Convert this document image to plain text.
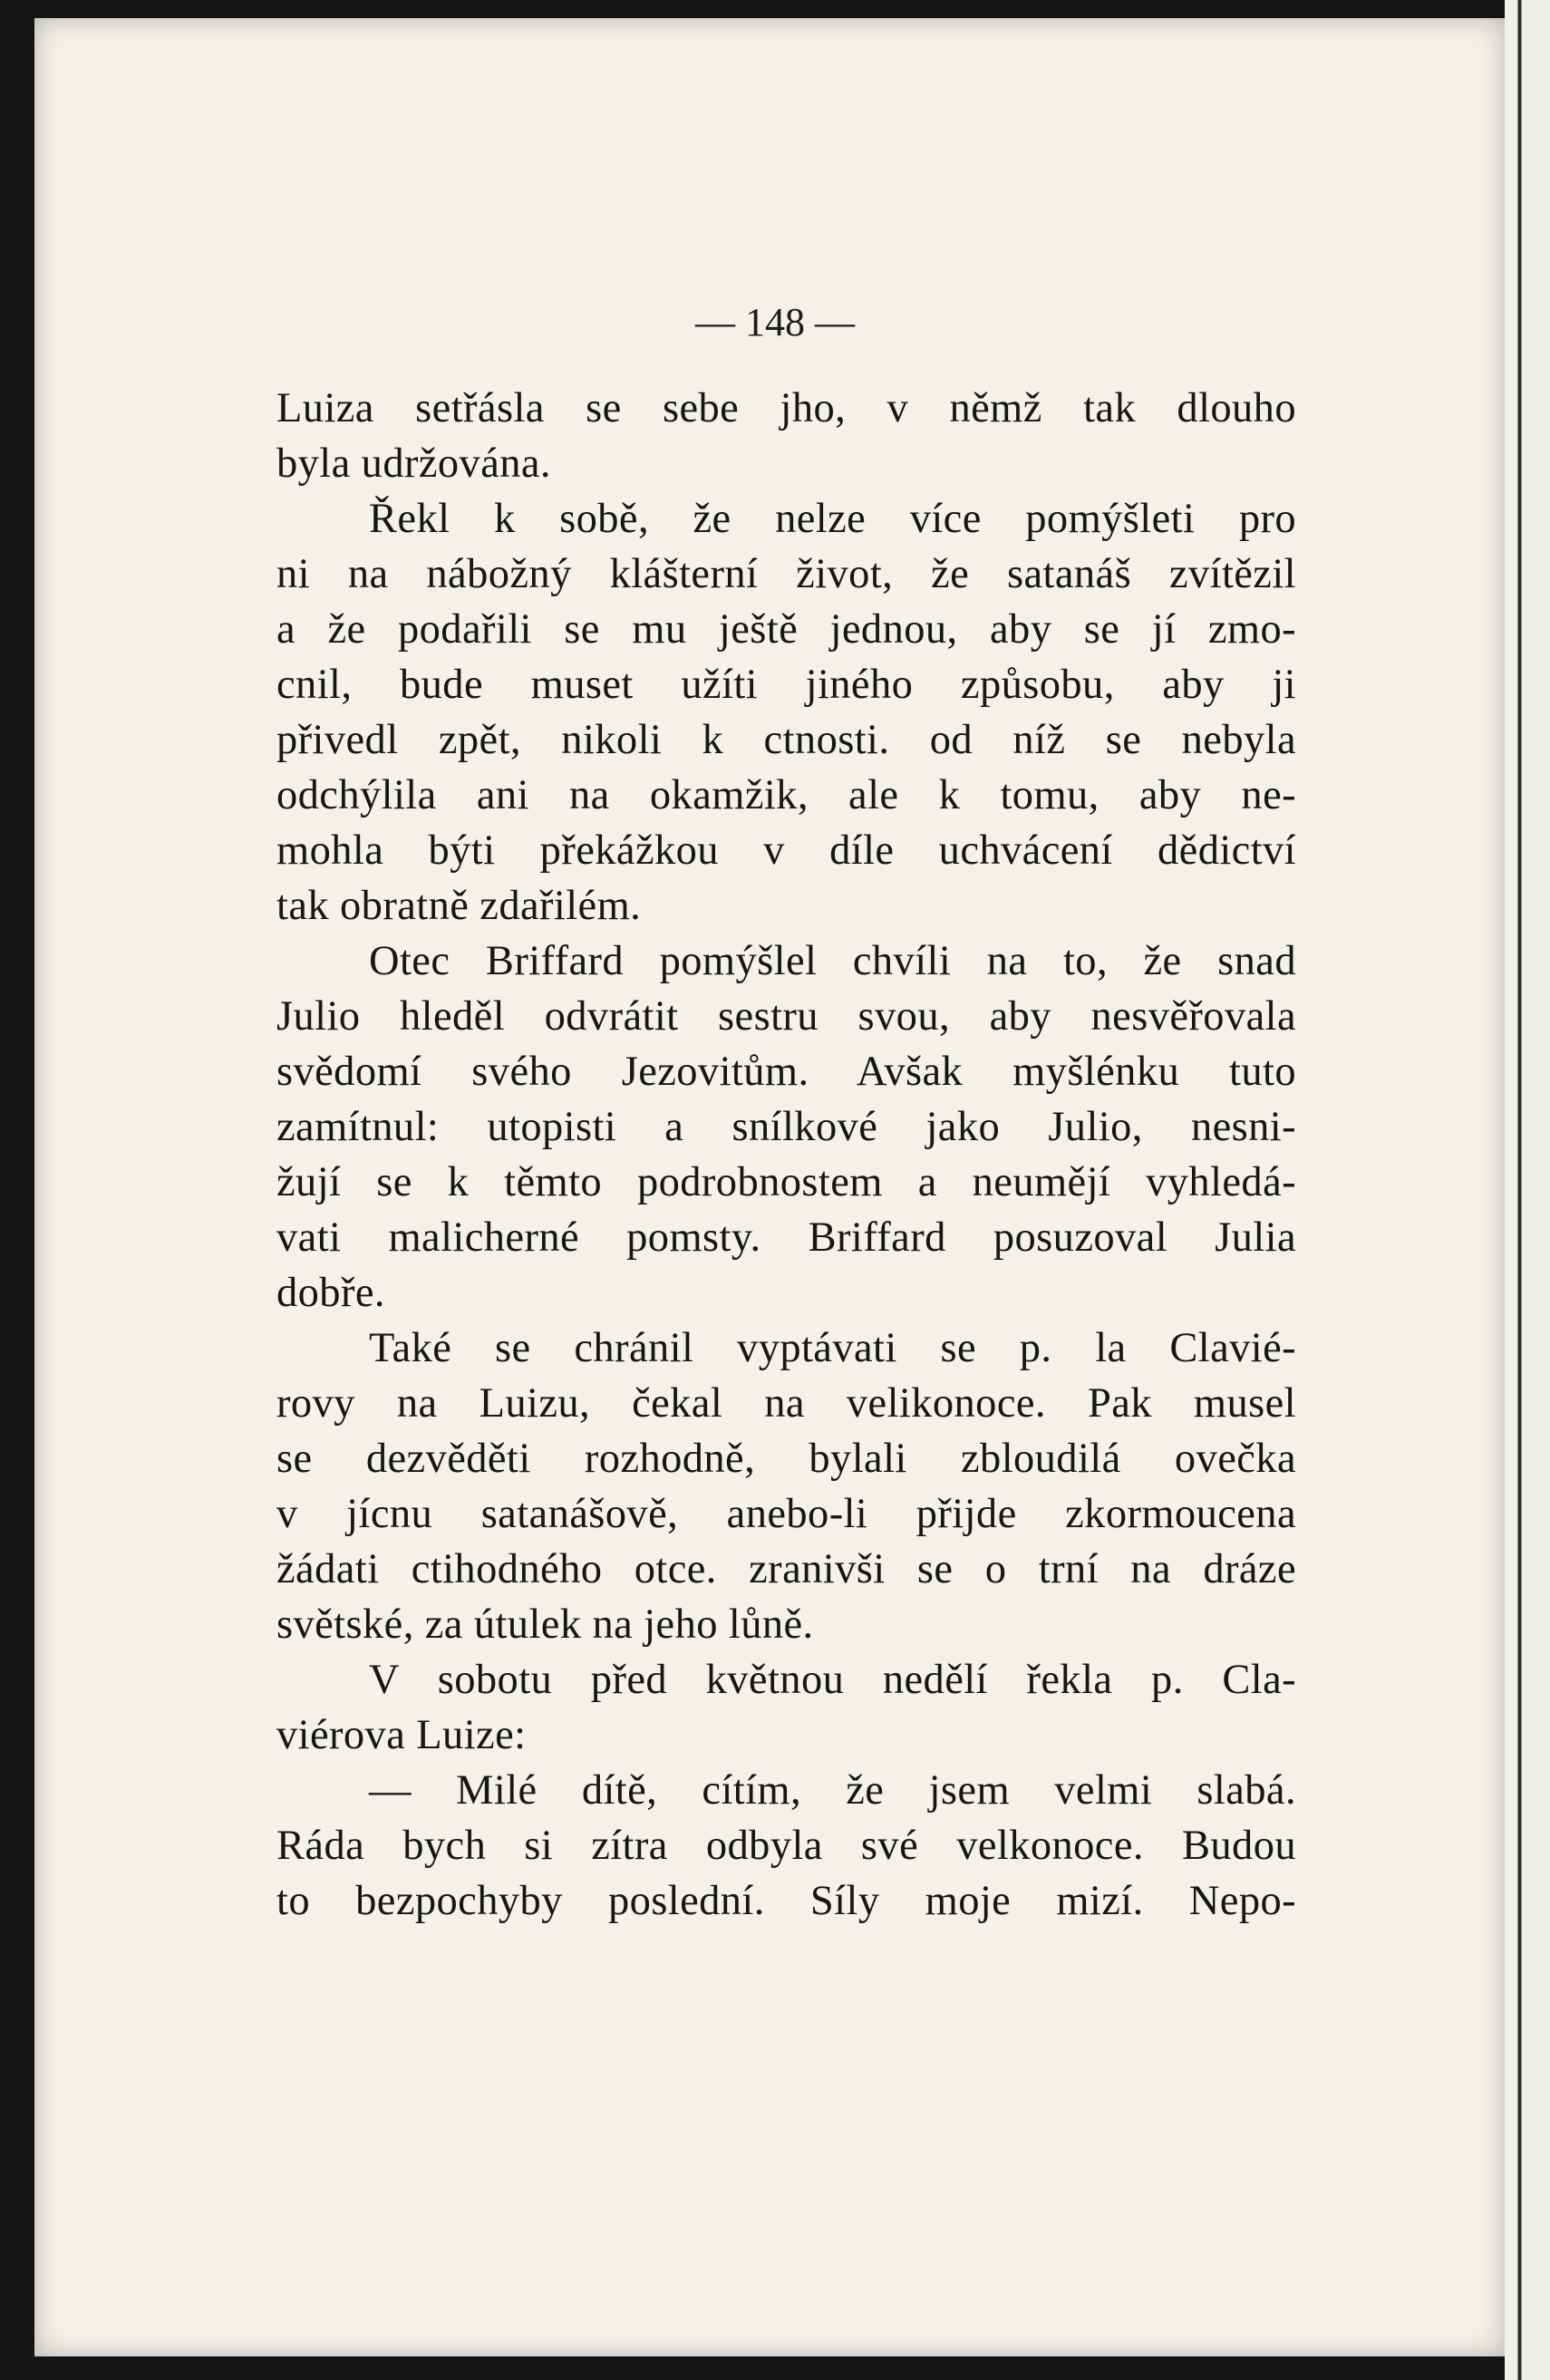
— 148 —
Luiza setřásla se sebe jho, v němž tak dlouho
byla udržována.
Řekl k sobě, že nelze více pomýšleti pro
ni na nábožný klášterní život, že satanáš zvítězil
a že podařili se mu ještě jednou, aby se jí zmo-
cnil, bude muset užíti jiného způsobu, aby ji
přivedl zpět, nikoli k ctnosti. od níž se nebyla
odchýlila ani na okamžik, ale k tomu, aby ne-
mohla býti překážkou v díle uchvácení dědictví
tak obratně zdařilém.
Otec Briffard pomýšlel chvíli na to, že snad
Julio hleděl odvrátit sestru svou, aby nesvěřovala
svědomí svého Jezovitům. Avšak myšlénku tuto
zamítnul: utopisti a snílkové jako Julio, nesni-
žují se k těmto podrobnostem a neumějí vyhledá-
vati malicherné pomsty. Briffard posuzoval Julia
dobře.
Také se chránil vyptávati se p. la Clavié-
rovy na Luizu, čekal na velikonoce. Pak musel
se dezvěděti rozhodně, bylali zbloudilá ovečka
v jícnu satanášově, anebo-li přijde zkormoucena
žádati ctihodného otce. zranivši se o trní na dráze
světské, za útulek na jeho lůně.
V sobotu před květnou nedělí řekla p. Cla-
viérova Luize:
— Milé dítě, cítím, že jsem velmi slabá.
Ráda bych si zítra odbyla své velkonoce. Budou
to bezpochyby poslední. Síly moje mizí. Nepo-
